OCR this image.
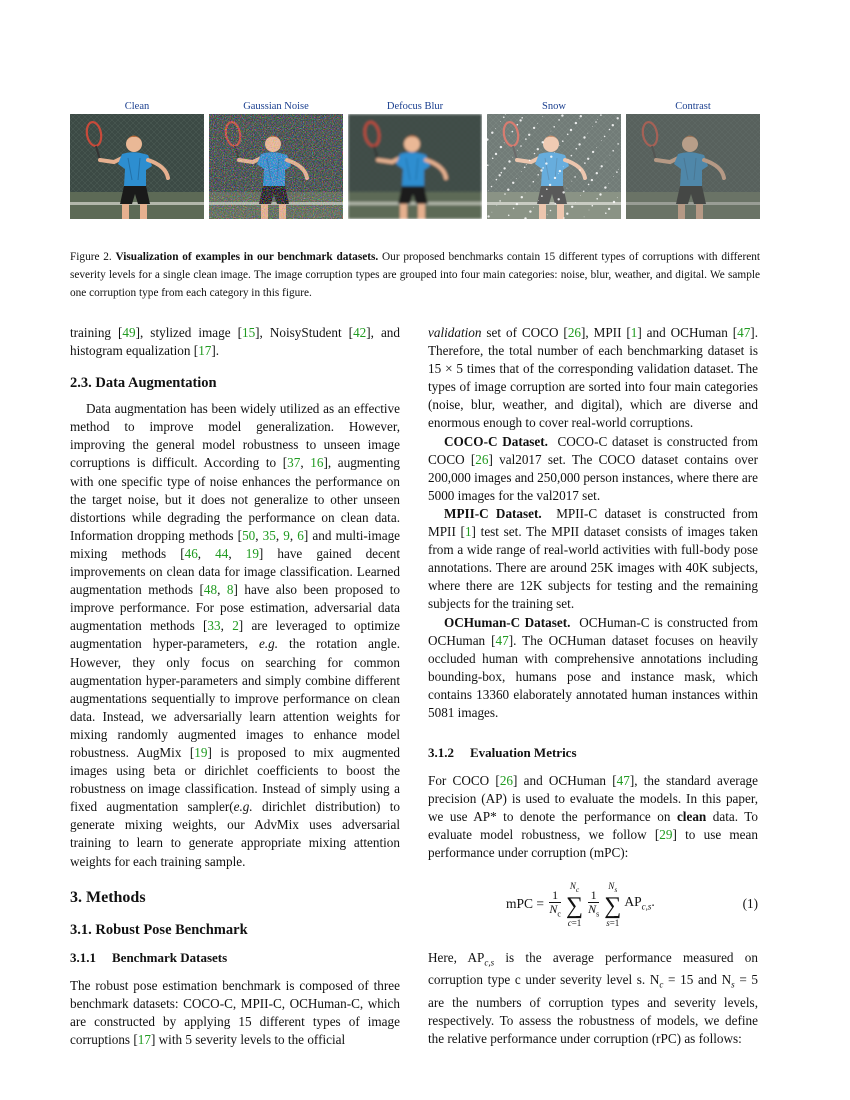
Clean	Gaussian Noise	Defocus Blur	Snow	Contrast
Figure 2. Visualization of examples in our benchmark datasets. Our proposed benchmarks contain 15 different types of corruptions with different severity levels for a single clean image. The image corruption types are grouped into four main categories: noise, blur, weather, and digital. We sample one corruption type from each category in this figure.

training [49], stylized image [15], NoisyStudent [42], and histogram equalization [17].

2.3. Data Augmentation

Data augmentation has been widely utilized as an effective method to improve model generalization. However, improving the general model robustness to unseen image corruptions is difficult. According to [37, 16], augmenting with one specific type of noise enhances the performance on the target noise, but it does not generalize to other unseen distortions while degrading the performance on clean data. Information dropping methods [50, 35, 9, 6] and multi-image mixing methods [46, 44, 19] have gained decent improvements on clean data for image classification. Learned augmentation methods [48, 8] have also been proposed to improve performance. For pose estimation, adversarial data augmentation methods [33, 2] are leveraged to optimize augmentation hyper-parameters, e.g. the rotation angle. However, they only focus on searching for common augmentation hyper-parameters and simply combine different augmentations sequentially to improve performance on clean data. Instead, we adversarially learn attention weights for mixing randomly augmented images to enhance model robustness. AugMix [19] is proposed to mix augmented images using beta or dirichlet coefficients to boost the robustness on image classification. Instead of simply using a fixed augmentation sampler(e.g. dirichlet distribution) to generate mixing weights, our AdvMix uses adversarial training to learn to generate appropriate mixing attention weights for each training sample.

3. Methods
3.1. Robust Pose Benchmark
3.1.1 Benchmark Datasets

The robust pose estimation benchmark is composed of three benchmark datasets: COCO-C, MPII-C, OCHuman-C, which are constructed by applying 15 different types of image corruptions [17] with 5 severity levels to the official

validation set of COCO [26], MPII [1] and OCHuman [47]. Therefore, the total number of each benchmarking dataset is 15 × 5 times that of the corresponding validation dataset. The types of image corruption are sorted into four main categories (noise, blur, weather, and digital), which are diverse and enormous enough to cover real-world corruptions.

COCO-C Dataset. COCO-C dataset is constructed from COCO [26] val2017 set. The COCO dataset contains over 200,000 images and 250,000 person instances, where there are 5000 images for the val2017 set.

MPII-C Dataset. MPII-C dataset is constructed from MPII [1] test set. The MPII dataset consists of images taken from a wide range of real-world activities with full-body pose annotations. There are around 25K images with 40K subjects, where there are 12K subjects for testing and the remaining subjects for the training set.

OCHuman-C Dataset. OCHuman-C is constructed from OCHuman [47]. The OCHuman dataset focuses on heavily occluded human with comprehensive annotations including bounding-box, humans pose and instance mask, which contains 13360 elaborately annotated human instances within 5081 images.

3.1.2 Evaluation Metrics

For COCO [26] and OCHuman [47], the standard average precision (AP) is used to evaluate the models. In this paper, we use AP* to denote the performance on clean data. To evaluate model robustness, we follow [29] to use mean performance under corruption (mPC):

mPC =
$\frac{1}{N_c}$
$N_c$
∑
c=1
$\frac{1}{N_s}$
$N_s$
∑
s=1
$AP_{c,s}$.	(1)

Here, $AP_{c,s}$ is the average performance measured on corruption type c under severity level s. $N_c = 15$ and $N_s = 5$ are the numbers of corruption types and severity levels, respectively. To assess the robustness of models, we define the relative performance under corruption (rPC) as follows:
